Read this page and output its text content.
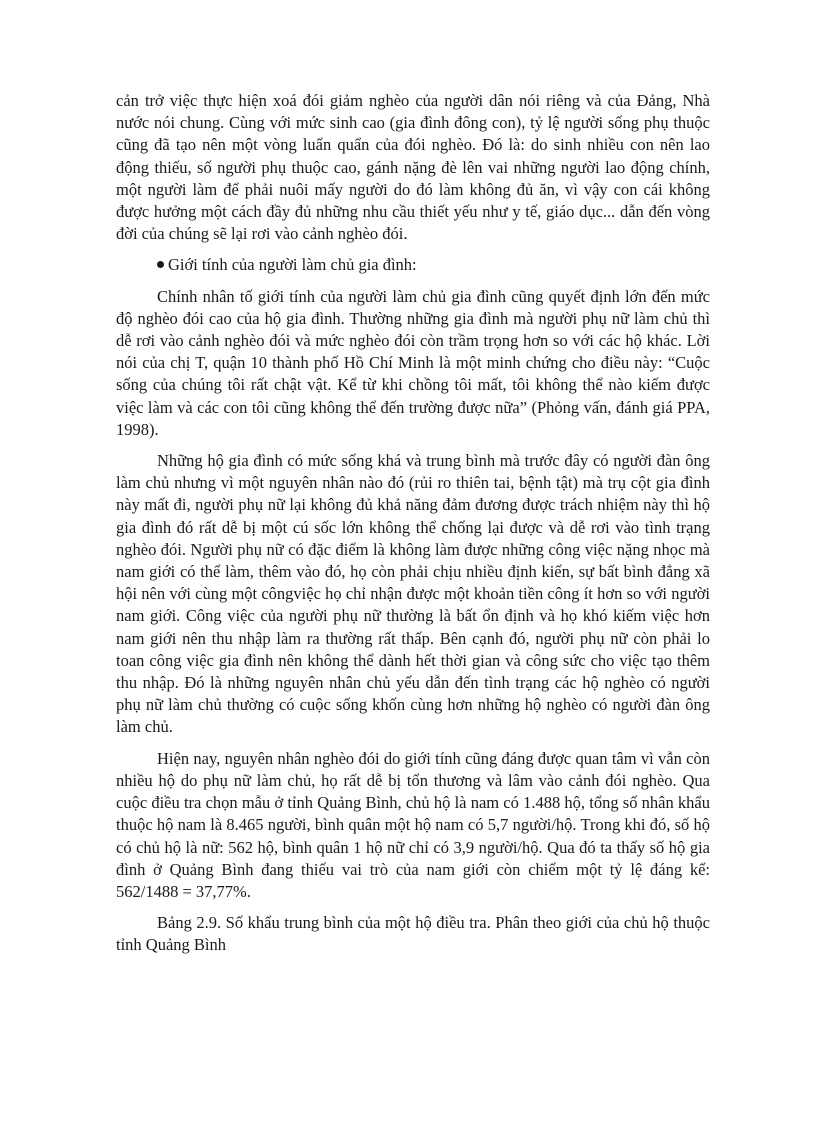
cản trở việc thực hiện xoá đói giảm nghèo của người dân nói riêng và của Đảng, Nhà nước nói chung. Cùng với mức sinh cao (gia đình đông con), tỷ lệ người sống phụ thuộc cũng đã tạo nên một vòng luẩn quẩn của đói nghèo. Đó là: do sinh nhiều con nên lao động thiếu, số người phụ thuộc cao, gánh nặng đè lên vai những người lao động chính, một người làm để phải nuôi mấy người do đó làm không đủ ăn, vì vậy con cái không được hưởng một cách đầy đủ những nhu cầu thiết yếu như y tế, giáo dục... dẫn đến vòng đời của chúng sẽ lại rơi vào cảnh nghèo đói.

Giới tính của người làm chủ gia đình:

Chính nhân tố giới tính của người làm chủ gia đình cũng quyết định lớn đến mức độ nghèo đói cao của hộ gia đình. Thường những gia đình mà người phụ nữ làm chủ thì dễ rơi vào cảnh nghèo đói và mức nghèo đói còn trầm trọng hơn so với các hộ khác. Lời nói của chị T, quận 10 thành phố Hồ Chí Minh là một minh chứng cho điều này: “Cuộc sống của chúng tôi rất chật vật. Kể từ khi chồng tôi mất, tôi không thể nào kiếm được việc làm và các con tôi cũng không thể đến trường được nữa” (Phỏng vấn, đánh giá PPA, 1998).

Những hộ gia đình có mức sống khá và trung bình mà trước đây có người đàn ông làm chủ nhưng vì một nguyên nhân nào đó (rủi ro thiên tai, bệnh tật) mà trụ cột gia đình này mất đi, người phụ nữ lại không đủ khả năng đảm đương được trách nhiệm này thì hộ gia đình đó rất dễ bị một cú sốc lớn không thể chống lại được và dễ rơi vào tình trạng nghèo đói. Người phụ nữ có đặc điểm là không làm được những công việc nặng nhọc mà nam giới có thể làm, thêm vào đó, họ còn phải chịu nhiều định kiến, sự bất bình đẳng xã hội nên với cùng một côngviệc họ chỉ nhận được một khoản tiền công ít hơn so với người nam giới. Công việc của người phụ nữ thường là bất ổn định và họ khó kiếm việc hơn nam giới nên thu nhập làm ra thường rất thấp. Bên cạnh đó, người phụ nữ còn phải lo toan công việc gia đình nên không thể dành hết thời gian và công sức cho việc tạo thêm thu nhập. Đó là những nguyên nhân chủ yếu dẫn đến tình trạng các hộ nghèo có người phụ nữ làm chủ thường có cuộc sống khốn cùng hơn những hộ nghèo có người đàn ông làm chủ.

Hiện nay, nguyên nhân nghèo đói do giới tính cũng đáng được quan tâm vì vẫn còn nhiều hộ do phụ nữ làm chủ, họ rất dễ bị tổn thương và lâm vào cảnh đói nghèo. Qua cuộc điều tra chọn mẫu ở tỉnh Quảng Bình, chủ hộ là nam có 1.488 hộ, tổng số nhân khẩu thuộc hộ nam là 8.465 người, bình quân một hộ nam có 5,7 người/hộ. Trong khi đó, số hộ có chủ hộ là nữ: 562 hộ, bình quân 1 hộ nữ chỉ có 3,9 người/hộ. Qua đó ta thấy số hộ gia đình ở Quảng Bình đang thiếu vai trò của nam giới còn chiếm một tỷ lệ đáng kể: 562/1488 = 37,77%.

Bảng 2.9. Số khẩu trung bình của một hộ điều tra. Phân theo giới của chủ hộ thuộc tỉnh Quảng Bình
